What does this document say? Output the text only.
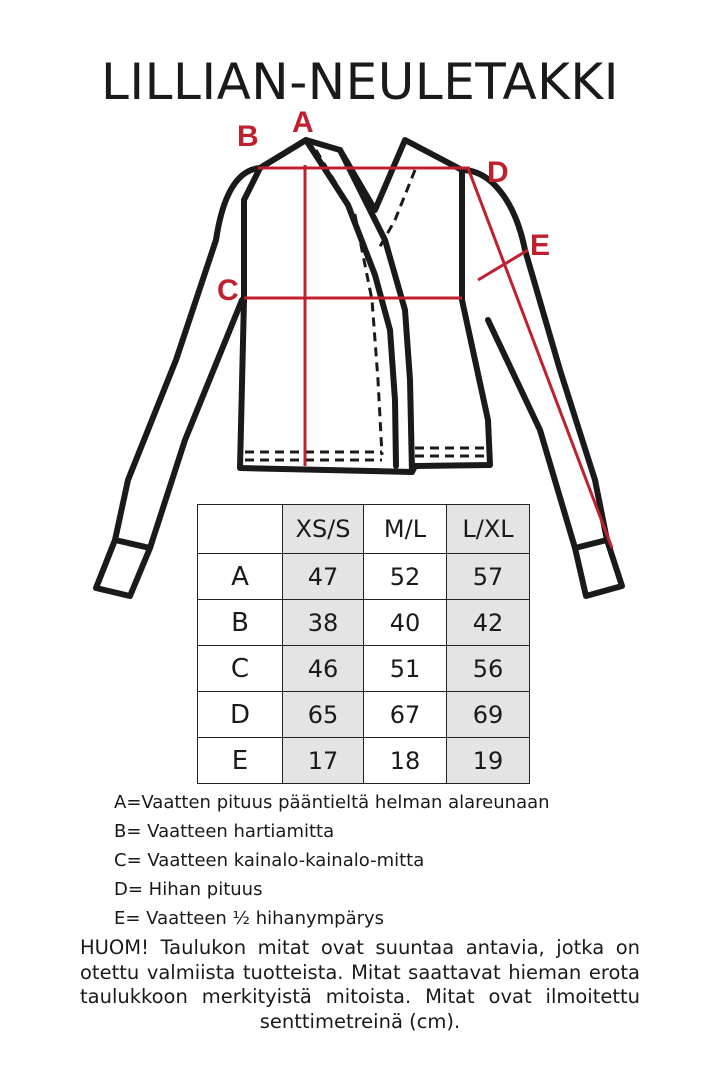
LILLIAN-NEULETAKKI
A
B
C
D
E
	XS/S	M/L	L/XL
A	47	52	57
B	38	40	42
C	46	51	56
D	65	67	69
E	17	18	19
A=Vaatten pituus pääntieltä helman alareunaan
B= Vaatteen hartiamitta
C= Vaatteen kainalo-kainalo-mitta
D= Hihan pituus
E= Vaatteen ½ hihanympärys
HUOM! Taulukon mitat ovat suuntaa antavia, jotka on otettu valmiista tuotteista. Mitat saattavat hieman erota taulukkoon merkityistä mitoista. Mitat ovat ilmoitettu senttimetreinä (cm).
